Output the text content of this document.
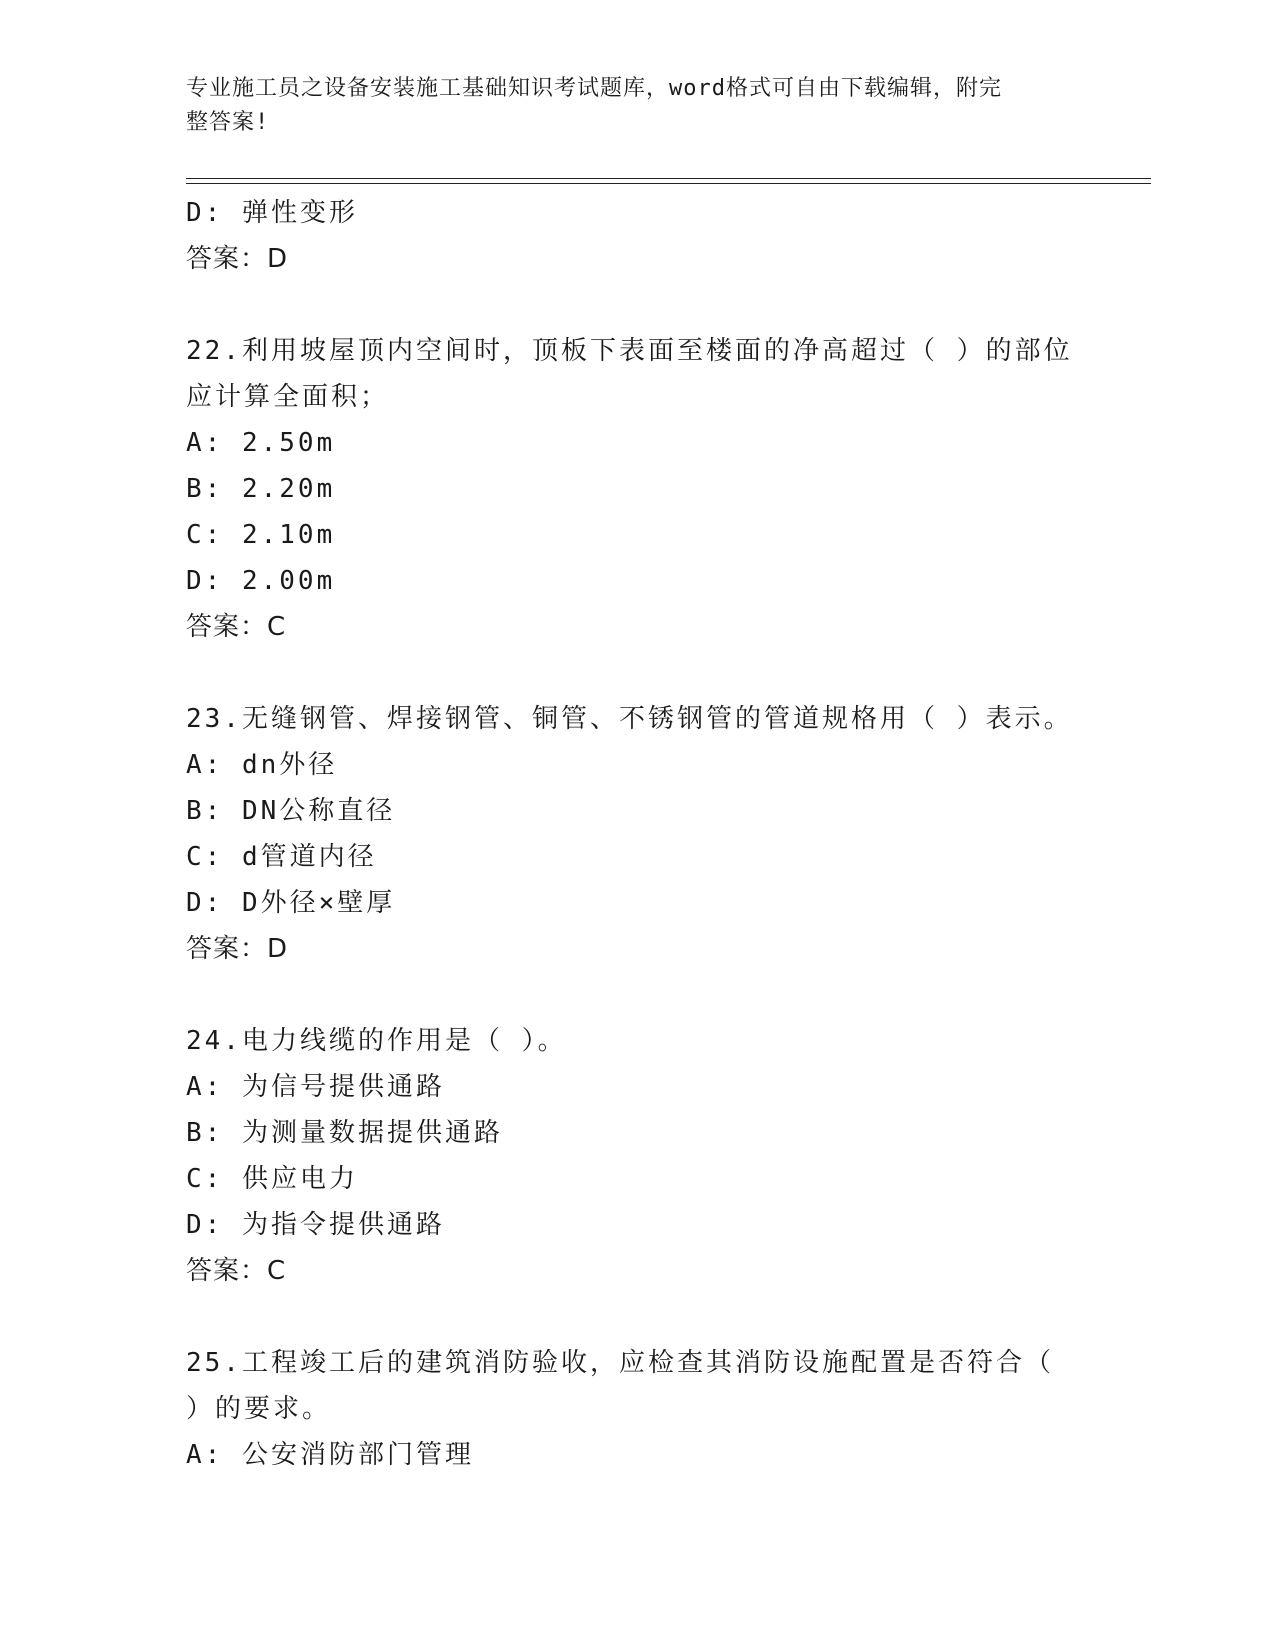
专业施工员之设备安装施工基础知识考试题库，word格式可自由下载编辑，附完
整答案!
D: 弹性变形
答案：D
22.利用坡屋顶内空间时，顶板下表面至楼面的净高超过（ ）的部位
应计算全面积；
A: 2.50m
B: 2.20m
C: 2.10m
D: 2.00m
答案：C
23.无缝钢管、焊接钢管、铜管、不锈钢管的管道规格用（ ）表示。
A: dn外径
B: DN公称直径
C: d管道内径
D: D外径×壁厚
答案：D
24.电力线缆的作用是（ ）。
A: 为信号提供通路
B: 为测量数据提供通路
C: 供应电力
D: 为指令提供通路
答案：C
25.工程竣工后的建筑消防验收，应检查其消防设施配置是否符合（
）的要求。
A: 公安消防部门管理
